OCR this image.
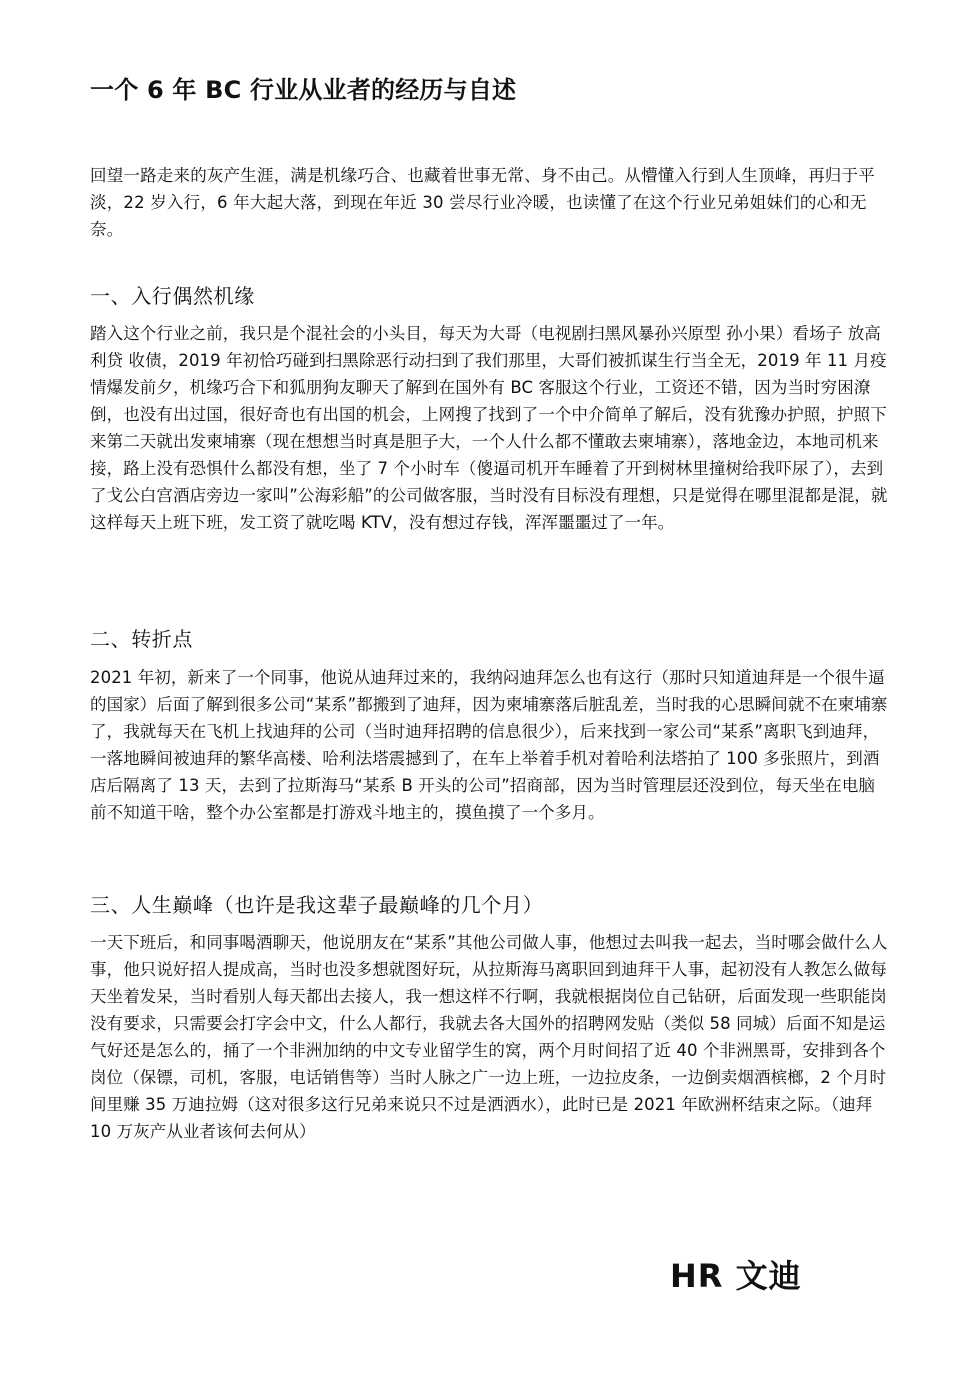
一个 6 年 BC 行业从业者的经历与自述

回望一路走来的灰产生涯，满是机缘巧合、也藏着世事无常、身不由己。从懵懂入行到人生顶峰，再归于平淡，22 岁入行，6 年大起大落，到现在年近 30 尝尽行业冷暖，也读懂了在这个行业兄弟姐妹们的心和无奈。

一、入行偶然机缘

踏入这个行业之前，我只是个混社会的小头目，每天为大哥（电视剧扫黑风暴孙兴原型 孙小果）看场子 放高利贷 收债，2019 年初恰巧碰到扫黑除恶行动扫到了我们那里，大哥们被抓谋生行当全无，2019 年 11 月疫情爆发前夕，机缘巧合下和狐朋狗友聊天了解到在国外有 BC 客服这个行业，工资还不错，因为当时穷困潦倒，也没有出过国，很好奇也有出国的机会，上网搜了找到了一个中介简单了解后，没有犹豫办护照，护照下来第二天就出发柬埔寨（现在想想当时真是胆子大，一个人什么都不懂敢去柬埔寨），落地金边，本地司机来接，路上没有恐惧什么都没有想，坐了 7 个小时车（傻逼司机开车睡着了开到树林里撞树给我吓尿了），去到了戈公白宫酒店旁边一家叫”公海彩船”的公司做客服，当时没有目标没有理想，只是觉得在哪里混都是混，就这样每天上班下班，发工资了就吃喝 KTV，没有想过存钱，浑浑噩噩过了一年。

二、转折点

2021 年初，新来了一个同事，他说从迪拜过来的，我纳闷迪拜怎么也有这行（那时只知道迪拜是一个很牛逼的国家）后面了解到很多公司“某系”都搬到了迪拜，因为柬埔寨落后脏乱差，当时我的心思瞬间就不在柬埔寨了，我就每天在飞机上找迪拜的公司（当时迪拜招聘的信息很少），后来找到一家公司“某系”离职飞到迪拜，一落地瞬间被迪拜的繁华高楼、哈利法塔震撼到了，在车上举着手机对着哈利法塔拍了 100 多张照片，到酒店后隔离了 13 天，去到了拉斯海马“某系 B 开头的公司”招商部，因为当时管理层还没到位，每天坐在电脑前不知道干啥，整个办公室都是打游戏斗地主的，摸鱼摸了一个多月。

三、人生巅峰（也许是我这辈子最巅峰的几个月）

一天下班后，和同事喝酒聊天，他说朋友在“某系”其他公司做人事，他想过去叫我一起去，当时哪会做什么人事，他只说好招人提成高，当时也没多想就图好玩，从拉斯海马离职回到迪拜干人事，起初没有人教怎么做每天坐着发呆，当时看别人每天都出去接人，我一想这样不行啊，我就根据岗位自己钻研，后面发现一些职能岗没有要求，只需要会打字会中文，什么人都行，我就去各大国外的招聘网发贴（类似 58 同城）后面不知是运气好还是怎么的，捅了一个非洲加纳的中文专业留学生的窝，两个月时间招了近 40 个非洲黑哥，安排到各个岗位（保镖，司机，客服，电话销售等）当时人脉之广一边上班，一边拉皮条，一边倒卖烟酒槟榔，2 个月时间里赚 35 万迪拉姆（这对很多这行兄弟来说只不过是洒洒水），此时已是 2021 年欧洲杯结束之际。（迪拜 10 万灰产从业者该何去何从）

HR 文迪
